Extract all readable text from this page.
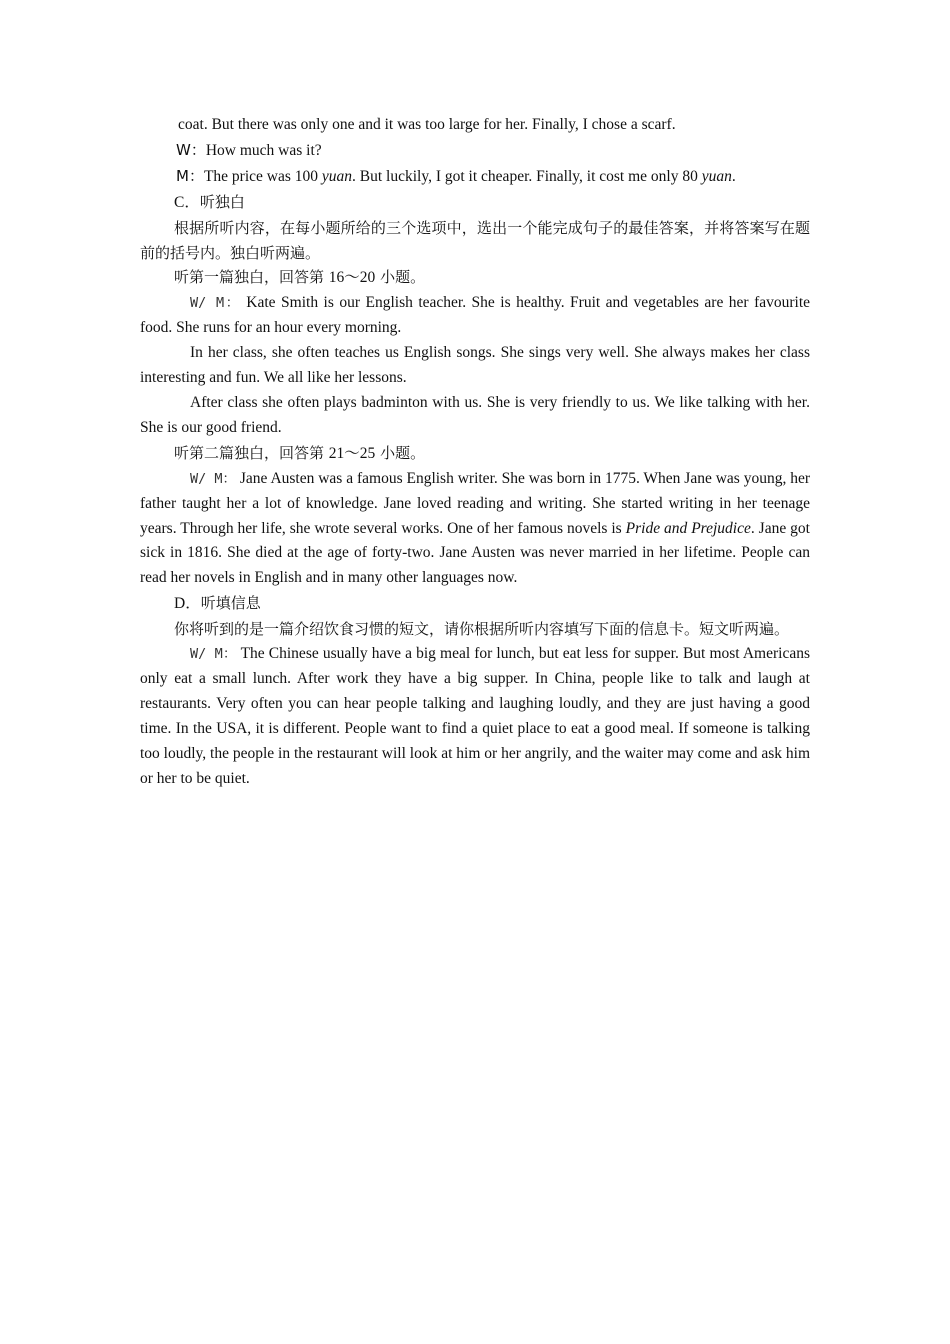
coat. But there was only one and it was too large for her. Finally, I chose a scarf.

W：How much was it?

M：The price was 100 yuan. But luckily, I got it cheaper. Finally, it cost me only 80 yuan.

C．听独白

根据所听内容，在每小题所给的三个选项中，选出一个能完成句子的最佳答案，并将答案写在题前的括号内。独白听两遍。

听第一篇独白，回答第 16～20 小题。

W/ M： Kate Smith is our English teacher. She is healthy. Fruit and vegetables are her favourite food. She runs for an hour every morning.

In her class, she often teaches us English songs. She sings very well. She always makes her class interesting and fun. We all like her lessons.

After class she often plays badminton with us. She is very friendly to us. We like talking with her. She is our good friend.

听第二篇独白，回答第 21～25 小题。

W/ M： Jane Austen was a famous English writer. She was born in 1775. When Jane was young, her father taught her a lot of knowledge. Jane loved reading and writing. She started writing in her teenage years. Through her life, she wrote several works. One of her famous novels is Pride and Prejudice. Jane got sick in 1816. She died at the age of forty-two. Jane Austen was never married in her lifetime. People can read her novels in English and in many other languages now.

D．听填信息

你将听到的是一篇介绍饮食习惯的短文，请你根据所听内容填写下面的信息卡。短文听两遍。

W/ M： The Chinese usually have a big meal for lunch, but eat less for supper. But most Americans only eat a small lunch. After work they have a big supper. In China, people like to talk and laugh at restaurants. Very often you can hear people talking and laughing loudly, and they are just having a good time. In the USA, it is different. People want to find a quiet place to eat a good meal. If someone is talking too loudly, the people in the restaurant will look at him or her angrily, and the waiter may come and ask him or her to be quiet.
